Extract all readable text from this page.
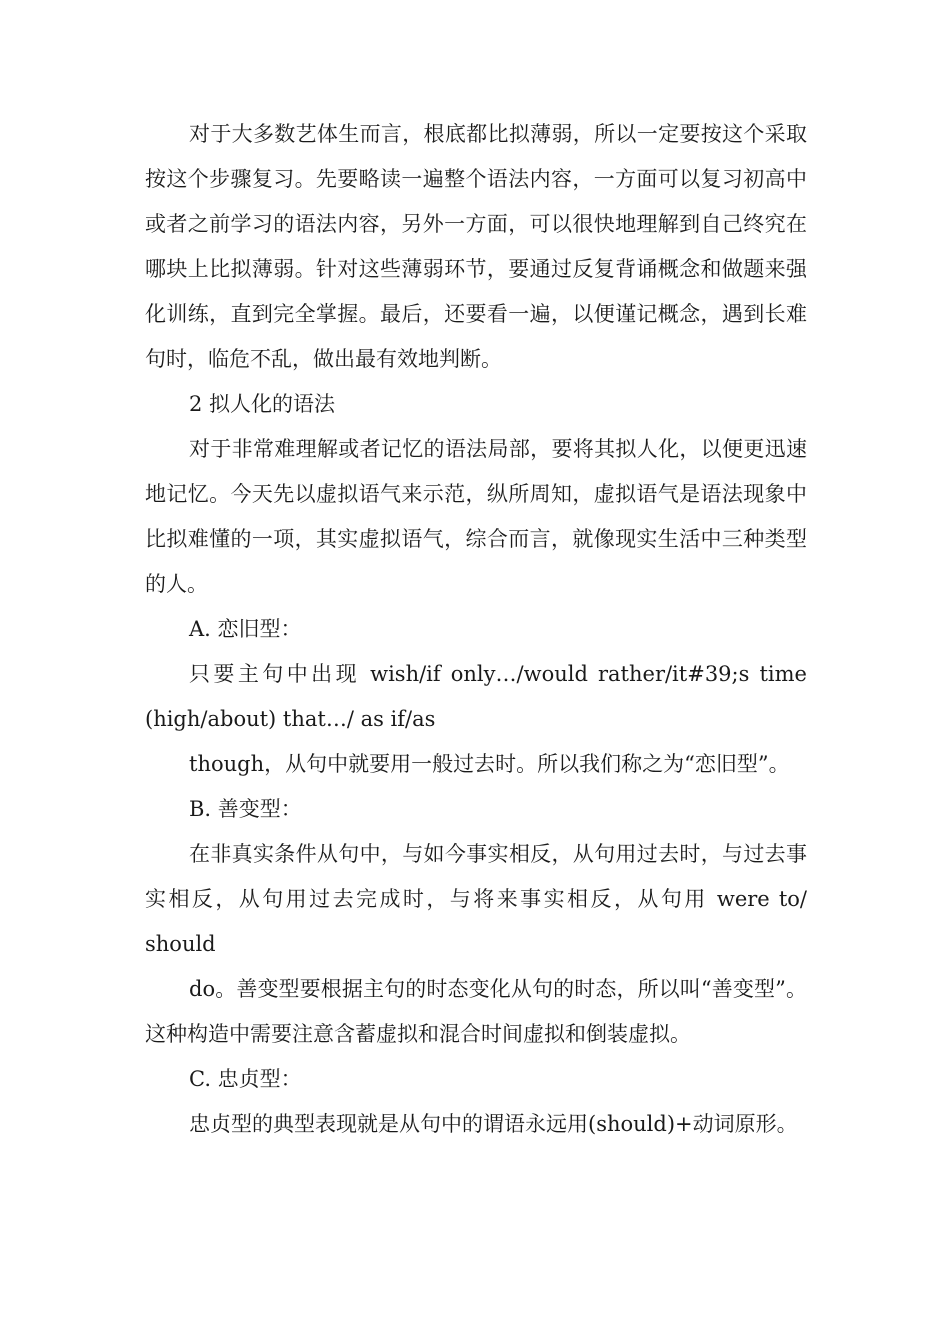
对于大多数艺体生而言，根底都比拟薄弱，所以一定要按这个采取按这个步骤复习。先要略读一遍整个语法内容，一方面可以复习初高中或者之前学习的语法内容，另外一方面，可以很快地理解到自己终究在哪块上比拟薄弱。针对这些薄弱环节，要通过反复背诵概念和做题来强化训练，直到完全掌握。最后，还要看一遍，以便谨记概念，遇到长难句时，临危不乱，做出最有效地判断。

2 拟人化的语法

对于非常难理解或者记忆的语法局部，要将其拟人化，以便更迅速地记忆。今天先以虚拟语气来示范，纵所周知，虚拟语气是语法现象中比拟难懂的一项，其实虚拟语气，综合而言，就像现实生活中三种类型的人。

A. 恋旧型：

只要主句中出现 wish/if only…/would rather/it#39;s time (high/about) that…/ as if/as

though，从句中就要用一般过去时。所以我们称之为“恋旧型”。

B. 善变型：

在非真实条件从句中，与如今事实相反，从句用过去时，与过去事实相反，从句用过去完成时，与将来事实相反，从句用 were to/ should

do。善变型要根据主句的时态变化从句的时态，所以叫“善变型”。这种构造中需要注意含蓄虚拟和混合时间虚拟和倒装虚拟。

C. 忠贞型：

忠贞型的典型表现就是从句中的谓语永远用(should)+动词原形。
